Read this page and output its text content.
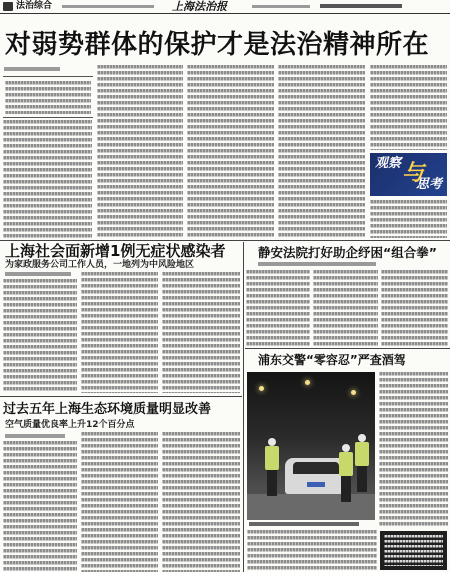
法治综合	上海法治报
对弱势群体的保护才是法治精神所在
观察 与
思考
上海社会面新增1例无症状感染者
为家政服务公司工作人员，一地列为中风险地区
静安法院打好助企纾困“组合拳”
过去五年上海生态环境质量明显改善
空气质量优良率上升12个百分点
浦东交警“零容忍”严查酒驾
